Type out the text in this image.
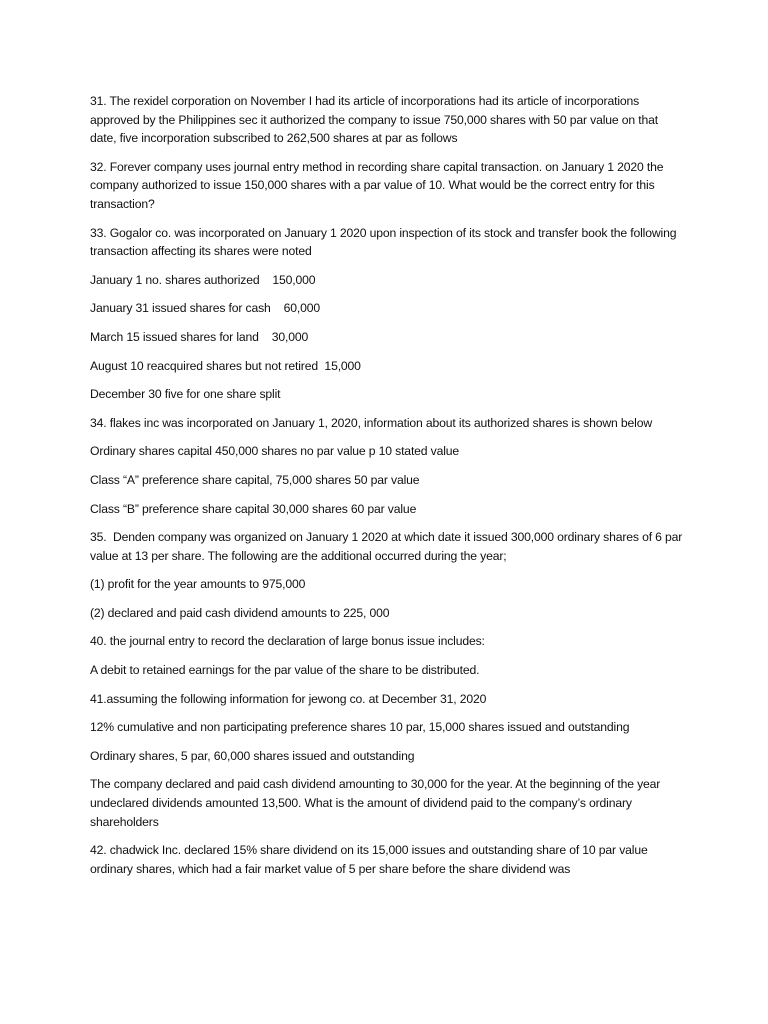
31. The rexidel corporation on November I had its article of incorporations had its article of incorporations approved by the Philippines sec it authorized the company to issue 750,000 shares with 50 par value on that date, five incorporation subscribed to 262,500 shares at par as follows

32. Forever company uses journal entry method in recording share capital transaction. on January 1 2020 the company authorized to issue 150,000 shares with a par value of 10. What would be the correct entry for this transaction?

33. Gogalor co. was incorporated on January 1 2020 upon inspection of its stock and transfer book the following transaction affecting its shares were noted

January 1 no. shares authorized    150,000

January 31 issued shares for cash    60,000

March 15 issued shares for land    30,000

August 10 reacquired shares but not retired  15,000

December 30 five for one share split

34. flakes inc was incorporated on January 1, 2020, information about its authorized shares is shown below

Ordinary shares capital 450,000 shares no par value p 10 stated value

Class “A” preference share capital, 75,000 shares 50 par value

Class “B” preference share capital 30,000 shares 60 par value

35.  Denden company was organized on January 1 2020 at which date it issued 300,000 ordinary shares of 6 par value at 13 per share. The following are the additional occurred during the year;

(1) profit for the year amounts to 975,000

(2) declared and paid cash dividend amounts to 225, 000

40. the journal entry to record the declaration of large bonus issue includes:

A debit to retained earnings for the par value of the share to be distributed.

41.assuming the following information for jewong co. at December 31, 2020

12% cumulative and non participating preference shares 10 par, 15,000 shares issued and outstanding

Ordinary shares, 5 par, 60,000 shares issued and outstanding

The company declared and paid cash dividend amounting to 30,000 for the year. At the beginning of the year undeclared dividends amounted 13,500. What is the amount of dividend paid to the company’s ordinary shareholders

42. chadwick Inc. declared 15% share dividend on its 15,000 issues and outstanding share of 10 par value ordinary shares, which had a fair market value of 5 per share before the share dividend was
